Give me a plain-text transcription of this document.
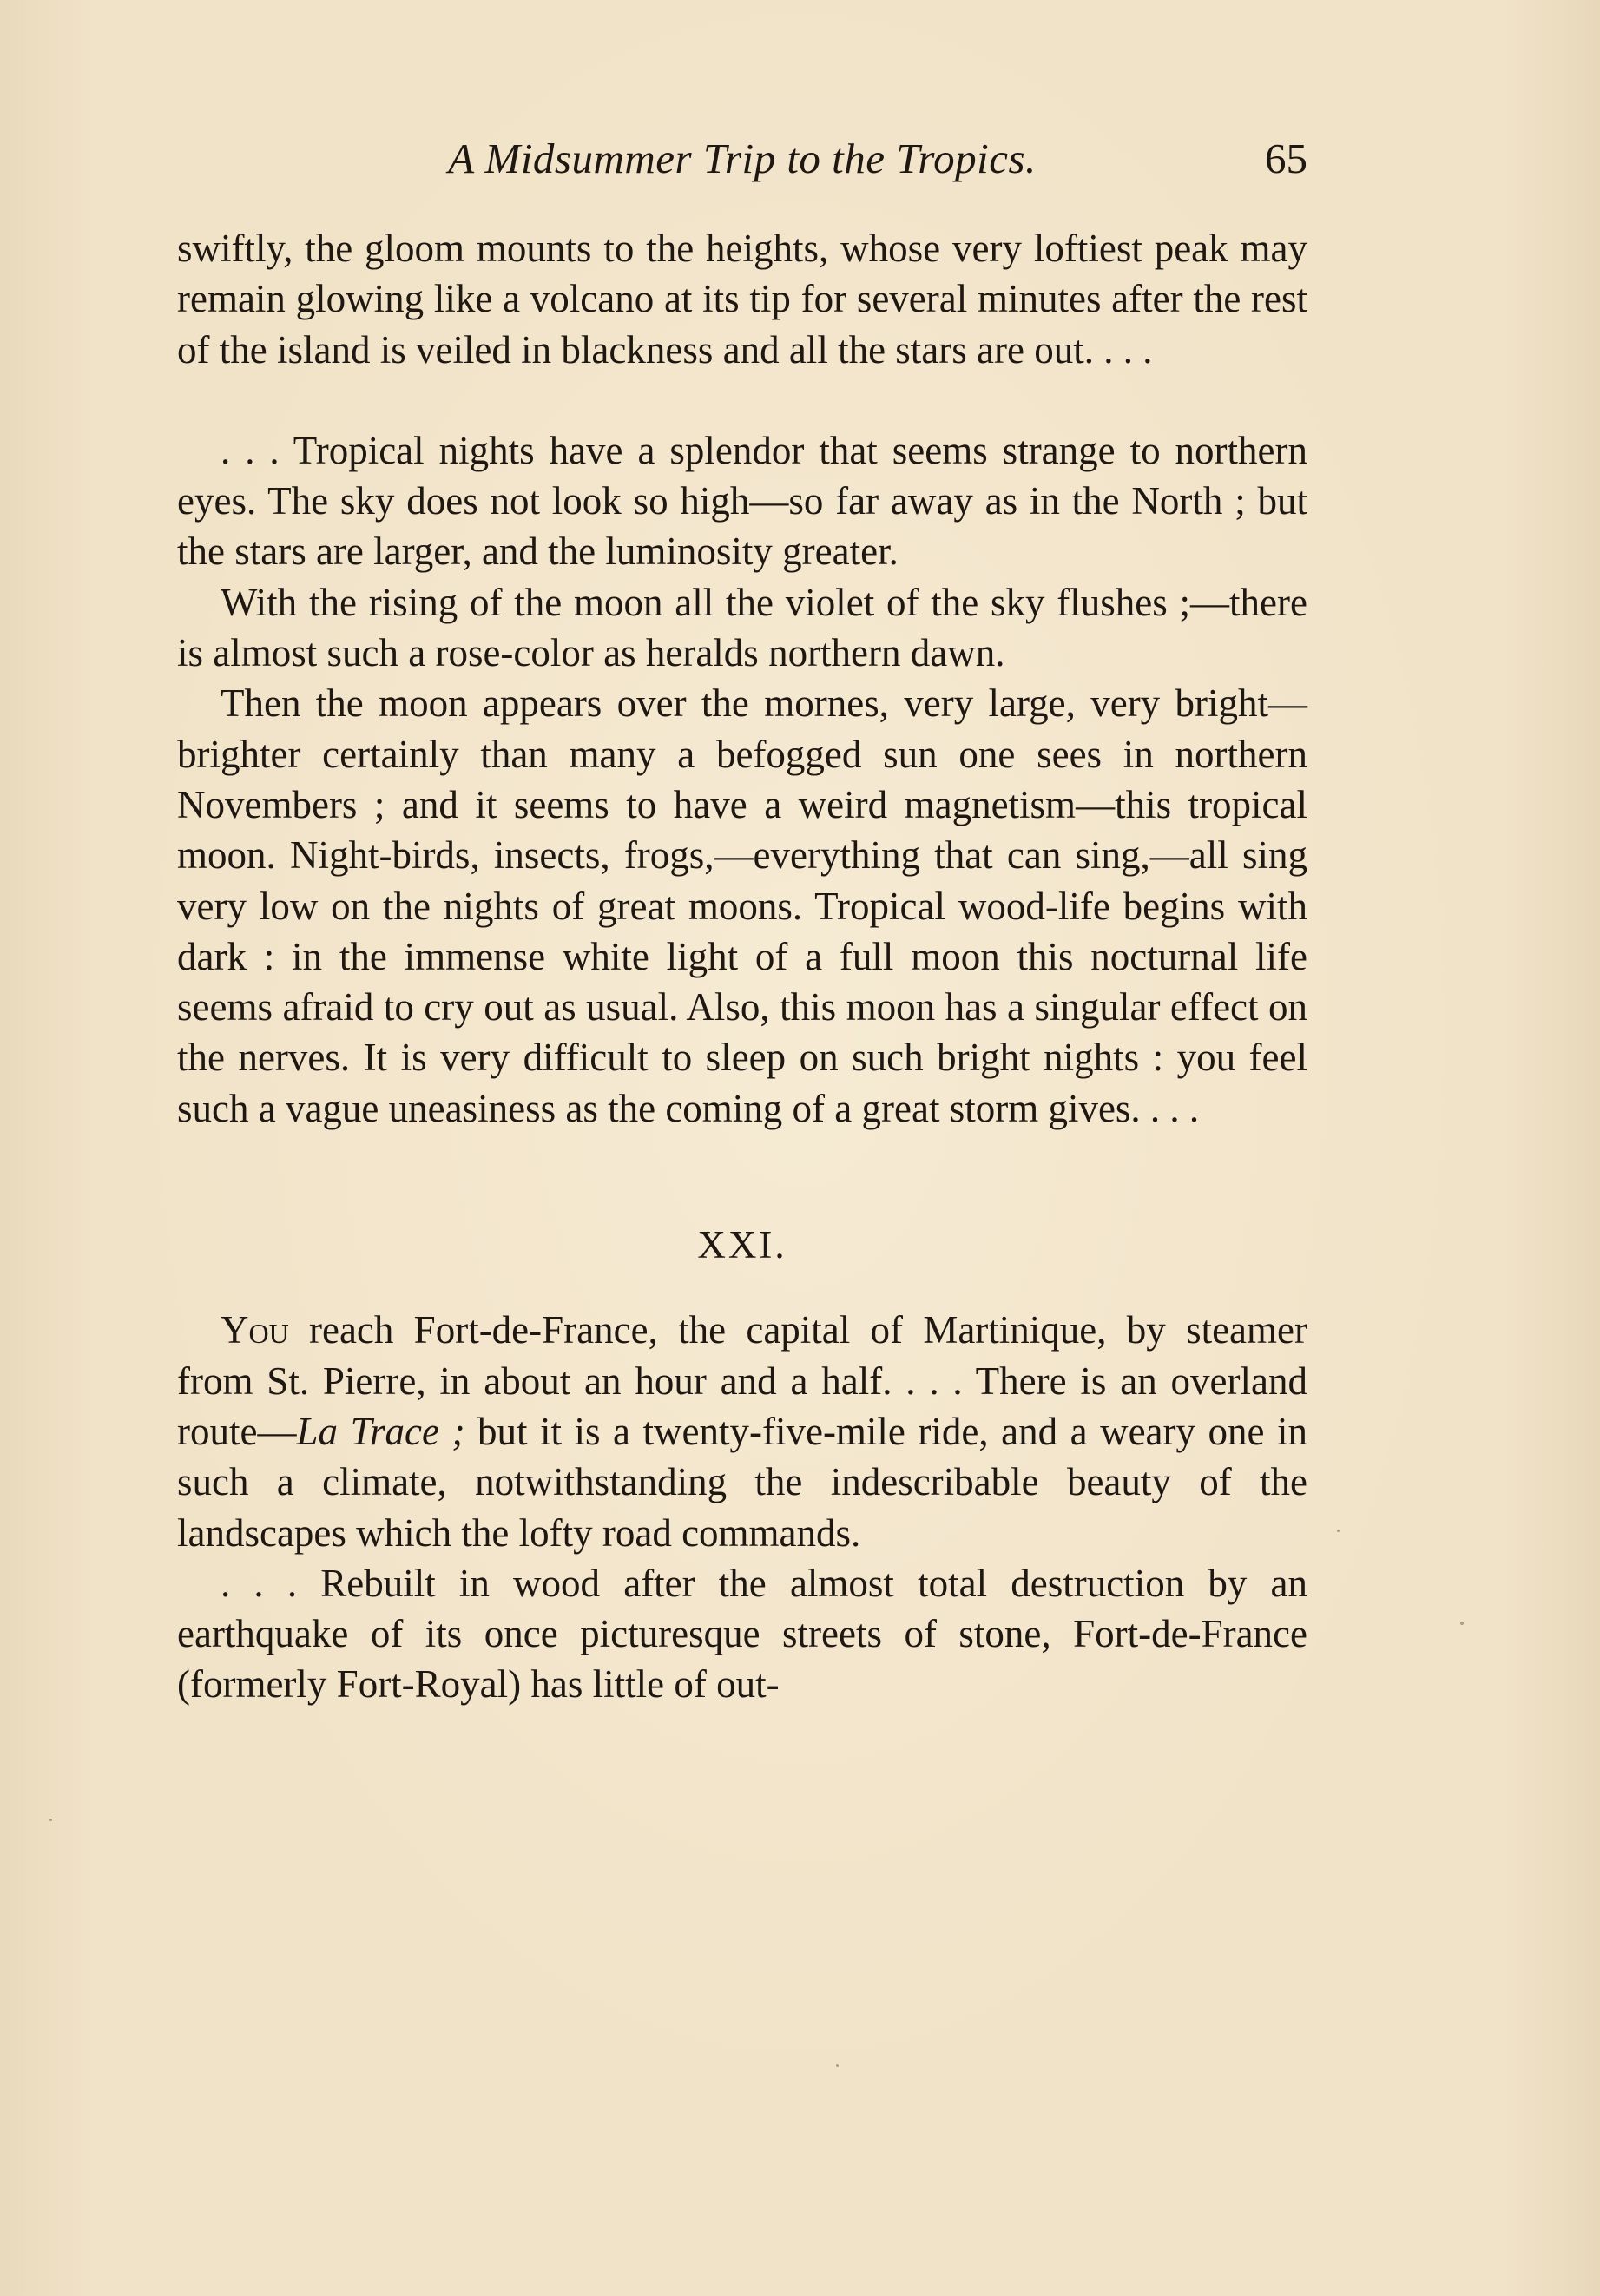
A Midsummer Trip to the Tropics.	65

swiftly, the gloom mounts to the heights, whose very loftiest peak may remain glowing like a volcano at its tip for several minutes after the rest of the island is veiled in blackness and all the stars are out. . . .

. . . Tropical nights have a splendor that seems strange to northern eyes. The sky does not look so high—so far away as in the North ; but the stars are larger, and the luminosity greater.

With the rising of the moon all the violet of the sky flushes ;—there is almost such a rose-color as heralds northern dawn.

Then the moon appears over the mornes, very large, very bright—brighter certainly than many a befogged sun one sees in northern Novembers ; and it seems to have a weird magnetism—this tropical moon. Night-birds, insects, frogs,—everything that can sing,—all sing very low on the nights of great moons. Tropical wood-life begins with dark : in the immense white light of a full moon this nocturnal life seems afraid to cry out as usual. Also, this moon has a singular effect on the nerves. It is very difficult to sleep on such bright nights : you feel such a vague uneasiness as the coming of a great storm gives. . . .

XXI.

You reach Fort-de-France, the capital of Martinique, by steamer from St. Pierre, in about an hour and a half. . . . There is an overland route—La Trace ; but it is a twenty-five-mile ride, and a weary one in such a climate, notwithstanding the indescribable beauty of the landscapes which the lofty road commands.

. . . Rebuilt in wood after the almost total destruction by an earthquake of its once picturesque streets of stone, Fort-de-France (formerly Fort-Royal) has little of out-
